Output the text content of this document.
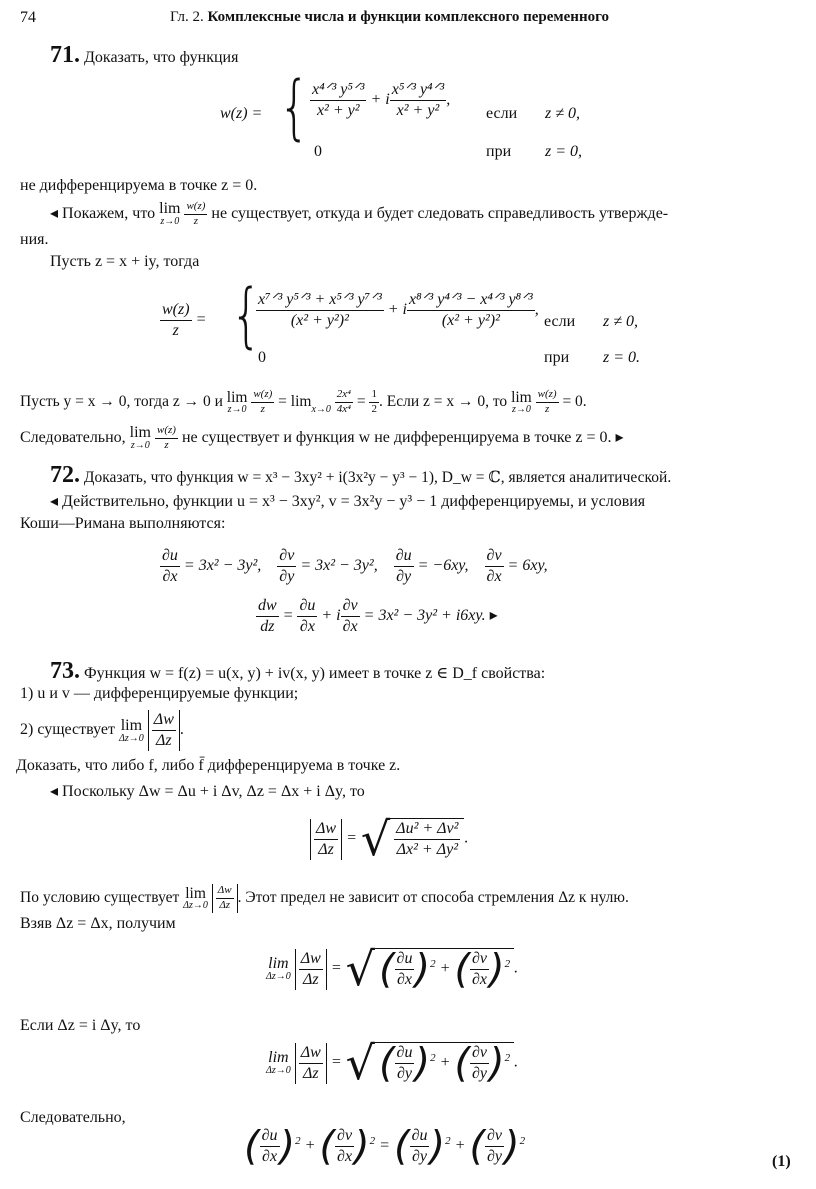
74	Гл. 2. Комплексные числа и функции комплексного переменного
71. Доказать, что функция
w(z) = { $\frac{\text{x⁴ᐟ³ y⁵ᐟ³}}{\text{x² + y²}} + i \frac{\text{x⁵ᐟ³ y⁴ᐟ³}}{\text{x² + y²}}$ ,
если z ≠ 0,
0	при z = 0,
не дифференцируема в точке z = 0.
◂ Покажем, что lim
z→0
$\frac{w(z)}{z}$ не существует, откуда и будет следовать справедливость утвержде-
ния.
Пусть z = x + iy, тогда
$\frac{w(z)}{z}$ = {
$\frac{\text{x⁷ᐟ³ y⁵ᐟ³ + x⁵ᐟ³ y⁷ᐟ³}}{\text{(x² + y²)²}} + i \frac{\text{x⁸ᐟ³ y⁴ᐟ³ − x⁴ᐟ³ y⁸ᐟ³}}{\text{(x² + y²)²}}$ ,
если z ≠ 0,
0	при z = 0.
Пусть y = x → 0, тогда z → 0 и lim
z→0
$\frac{w(z)}{z} = \lim x\to 0$
$\frac{\text{2x⁴}}{\text{4x⁴}} = \frac{1}{2}$ . Если z = x → 0, то lim
z→0
$\frac{w(z)}{z} = 0$.
Следовательно, lim
z→0
$\frac{w(z)}{z}$ не существует и функция w не дифференцируема в точке z = 0. ▸
72. Доказать, что функция w = x³ − 3xy² + i(3x²y − y³ − 1), D_w = ℂ, является аналитической.
◂ Действительно, функции u = x³ − 3xy², v = 3x²y − y³ − 1 дифференцируемы, и условия
Коши—Римана выполняются:
$\frac{\partial u}{\partial x} = 3x^2 - 3y^2$, $\frac{\partial v}{\partial y} = 3x^2 - 3y^2$, $\frac{\partial u}{\partial y} = -6xy$, $\frac{\partial v}{\partial x} = 6xy$,
$\frac{dw}{dz} = \frac{\partial u}{\partial x} + i \frac{\partial v}{\partial x} = 3x^2 - 3y^2 + i6xy$. ▸
73. Функция w = f(z) = u(x, y) + iv(x, y) имеет в точке z ∈ D_f свойства:
1) u и v — дифференцируемые функции;
2) существует lim
Δz→0
$\frac{\Delta w}{\Delta z}$ .
Доказать, что либо f, либо f̄ дифференцируема в точке z.
◂ Поскольку Δw = Δu + i Δv, Δz = Δx + i Δy, то
$\frac{\Delta w}{\Delta z}$ = √ $\frac{\text{Δu² + Δv²}}{\text{Δx² + Δy²}}$ .
По условию существует lim
Δz→0
$\frac{\Delta w}{\Delta z}$ . Этот предел не зависит от способа стремления Δz к нулю.
Взяв Δz = Δx, получим
lim
Δz→0
$\frac{\Delta w}{\Delta z}$ = √ ( $\frac{\partial u}{\partial x} )^2$ + ( $\frac{\partial v}{\partial x} )^2$ .
Если Δz = i Δy, то
lim
Δz→0
$\frac{\Delta w}{\Delta z}$ = √ ( $\frac{\partial u}{\partial y} )^2$ + ( $\frac{\partial v}{\partial y} )^2$ .
Следовательно,
( $\frac{\partial u}{\partial x} )^2$ + ( $\frac{\partial v}{\partial x} )^2$ = ( $\frac{\partial u}{\partial y} )^2$ + ( $\frac{\partial v}{\partial y} )^2$
(1)
